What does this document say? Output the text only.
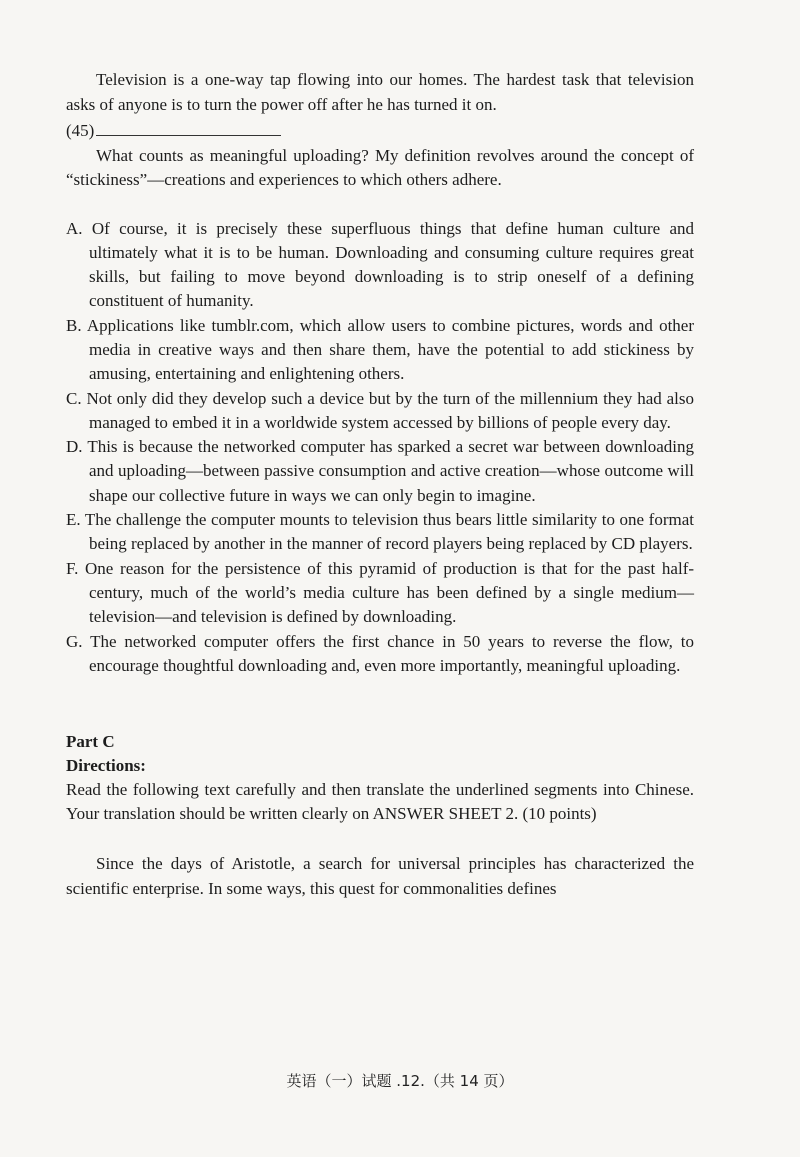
Television is a one-way tap flowing into our homes. The hardest task that television asks of anyone is to turn the power off after he has turned it on.
(45)

What counts as meaningful uploading? My definition revolves around the concept of “stickiness”—creations and experiences to which others adhere.

A. Of course, it is precisely these superfluous things that define human culture and ultimately what it is to be human. Downloading and consuming culture requires great skills, but failing to move beyond downloading is to strip oneself of a defining constituent of humanity.

B. Applications like tumblr.com, which allow users to combine pictures, words and other media in creative ways and then share them, have the potential to add stickiness by amusing, entertaining and enlightening others.

C. Not only did they develop such a device but by the turn of the millennium they had also managed to embed it in a worldwide system accessed by billions of people every day.

D. This is because the networked computer has sparked a secret war between downloading and uploading—between passive consumption and active creation—whose outcome will shape our collective future in ways we can only begin to imagine.

E. The challenge the computer mounts to television thus bears little similarity to one format being replaced by another in the manner of record players being replaced by CD players.

F. One reason for the persistence of this pyramid of production is that for the past half-century, much of the world’s media culture has been defined by a single medium—television—and television is defined by downloading.

G. The networked computer offers the first chance in 50 years to reverse the flow, to encourage thoughtful downloading and, even more importantly, meaningful uploading.

Part C

Directions:

Read the following text carefully and then translate the underlined segments into Chinese. Your translation should be written clearly on ANSWER SHEET 2. (10 points)

Since the days of Aristotle, a search for universal principles has characterized the scientific enterprise. In some ways, this quest for commonalities defines

英语（一）试题 .12.（共 14 页）
